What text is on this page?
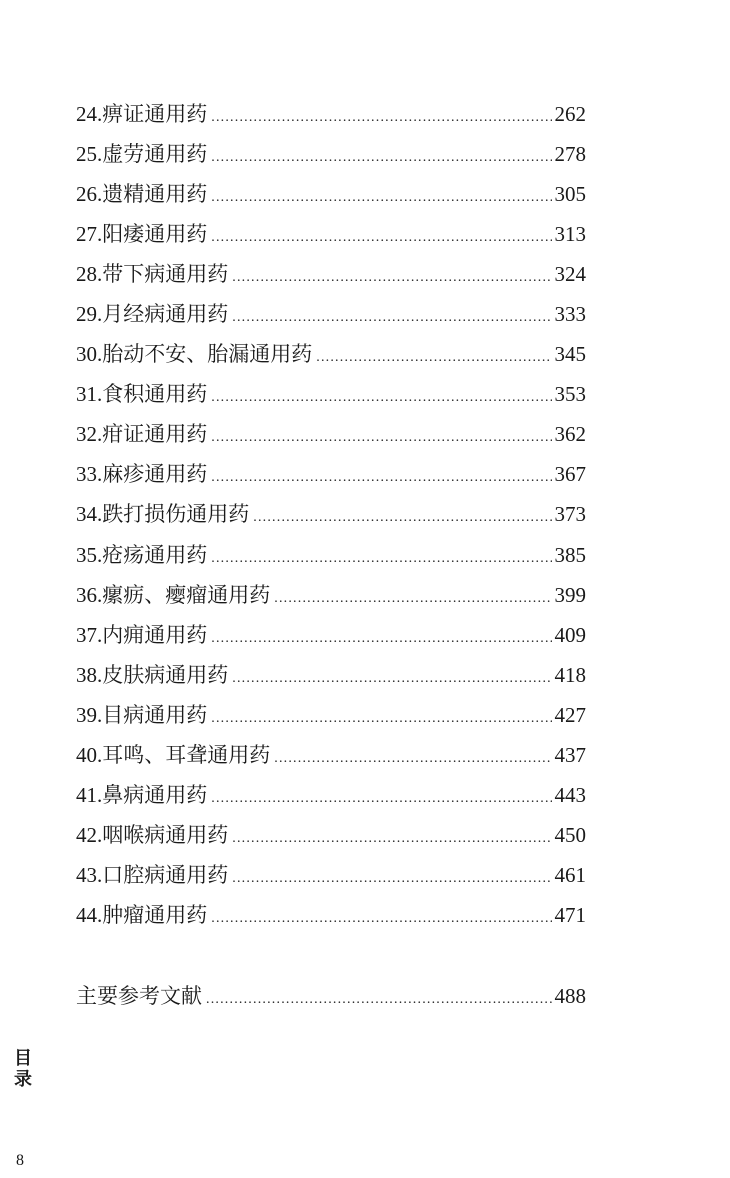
24. 痹证通用药 .....	262
25. 虚劳通用药 .....	278
26. 遗精通用药 .....	305
27. 阳痿通用药 .....	313
28. 带下病通用药 .....	324
29. 月经病通用药 .....	333
30. 胎动不安、胎漏通用药 .....	345
31. 食积通用药 .....	353
32. 疳证通用药 .....	362
33. 麻疹通用药 .....	367
34. 跌打损伤通用药 .....	373
35. 疮疡通用药 .....	385
36. 瘰疬、瘿瘤通用药 .....	399
37. 内痈通用药 .....	409
38. 皮肤病通用药 .....	418
39. 目病通用药 .....	427
40. 耳鸣、耳聋通用药 .....	437
41. 鼻病通用药 .....	443
42. 咽喉病通用药 .....	450
43. 口腔病通用药 .....	461
44. 肿瘤通用药 .....	471
主要参考文献 .....	488
目
录
8
